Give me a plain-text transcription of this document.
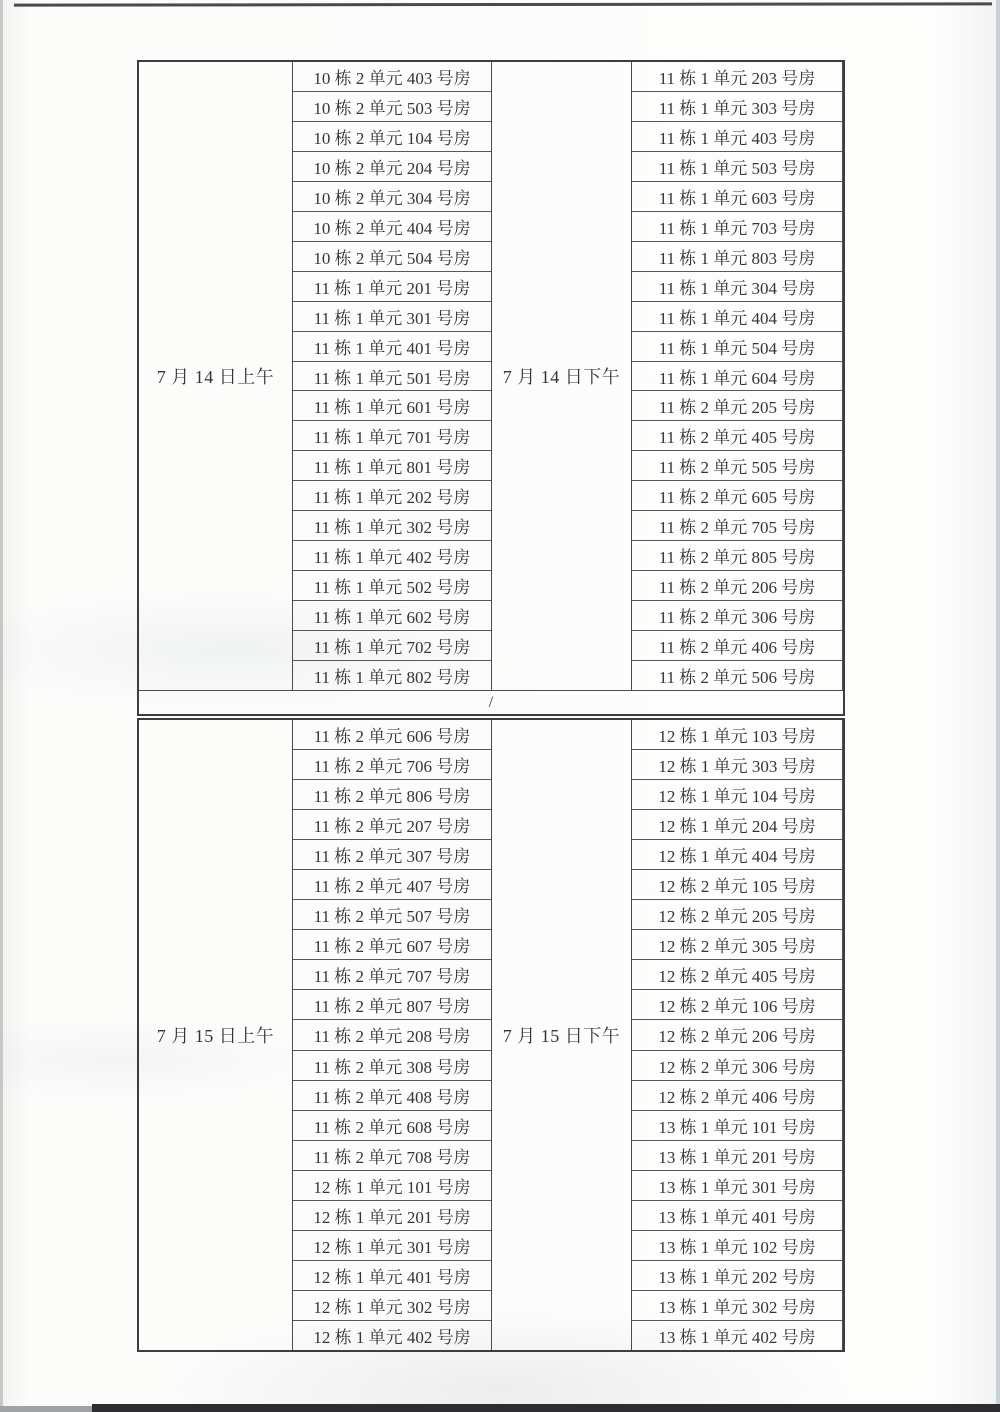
7 月 14 日上午
10 栋 2 单元 403 号房
10 栋 2 单元 503 号房
10 栋 2 单元 104 号房
10 栋 2 单元 204 号房
10 栋 2 单元 304 号房
10 栋 2 单元 404 号房
10 栋 2 单元 504 号房
11 栋 1 单元 201 号房
11 栋 1 单元 301 号房
11 栋 1 单元 401 号房
11 栋 1 单元 501 号房
11 栋 1 单元 601 号房
11 栋 1 单元 701 号房
11 栋 1 单元 801 号房
11 栋 1 单元 202 号房
11 栋 1 单元 302 号房
11 栋 1 单元 402 号房
11 栋 1 单元 502 号房
11 栋 1 单元 602 号房
11 栋 1 单元 702 号房
11 栋 1 单元 802 号房
7 月 14 日下午
11 栋 1 单元 203 号房
11 栋 1 单元 303 号房
11 栋 1 单元 403 号房
11 栋 1 单元 503 号房
11 栋 1 单元 603 号房
11 栋 1 单元 703 号房
11 栋 1 单元 803 号房
11 栋 1 单元 304 号房
11 栋 1 单元 404 号房
11 栋 1 单元 504 号房
11 栋 1 单元 604 号房
11 栋 2 单元 205 号房
11 栋 2 单元 405 号房
11 栋 2 单元 505 号房
11 栋 2 单元 605 号房
11 栋 2 单元 705 号房
11 栋 2 单元 805 号房
11 栋 2 单元 206 号房
11 栋 2 单元 306 号房
11 栋 2 单元 406 号房
11 栋 2 单元 506 号房
/
7 月 15 日上午
11 栋 2 单元 606 号房
11 栋 2 单元 706 号房
11 栋 2 单元 806 号房
11 栋 2 单元 207 号房
11 栋 2 单元 307 号房
11 栋 2 单元 407 号房
11 栋 2 单元 507 号房
11 栋 2 单元 607 号房
11 栋 2 单元 707 号房
11 栋 2 单元 807 号房
11 栋 2 单元 208 号房
11 栋 2 单元 308 号房
11 栋 2 单元 408 号房
11 栋 2 单元 608 号房
11 栋 2 单元 708 号房
12 栋 1 单元 101 号房
12 栋 1 单元 201 号房
12 栋 1 单元 301 号房
12 栋 1 单元 401 号房
12 栋 1 单元 302 号房
12 栋 1 单元 402 号房
7 月 15 日下午
12 栋 1 单元 103 号房
12 栋 1 单元 303 号房
12 栋 1 单元 104 号房
12 栋 1 单元 204 号房
12 栋 1 单元 404 号房
12 栋 2 单元 105 号房
12 栋 2 单元 205 号房
12 栋 2 单元 305 号房
12 栋 2 单元 405 号房
12 栋 2 单元 106 号房
12 栋 2 单元 206 号房
12 栋 2 单元 306 号房
12 栋 2 单元 406 号房
13 栋 1 单元 101 号房
13 栋 1 单元 201 号房
13 栋 1 单元 301 号房
13 栋 1 单元 401 号房
13 栋 1 单元 102 号房
13 栋 1 单元 202 号房
13 栋 1 单元 302 号房
13 栋 1 单元 402 号房
